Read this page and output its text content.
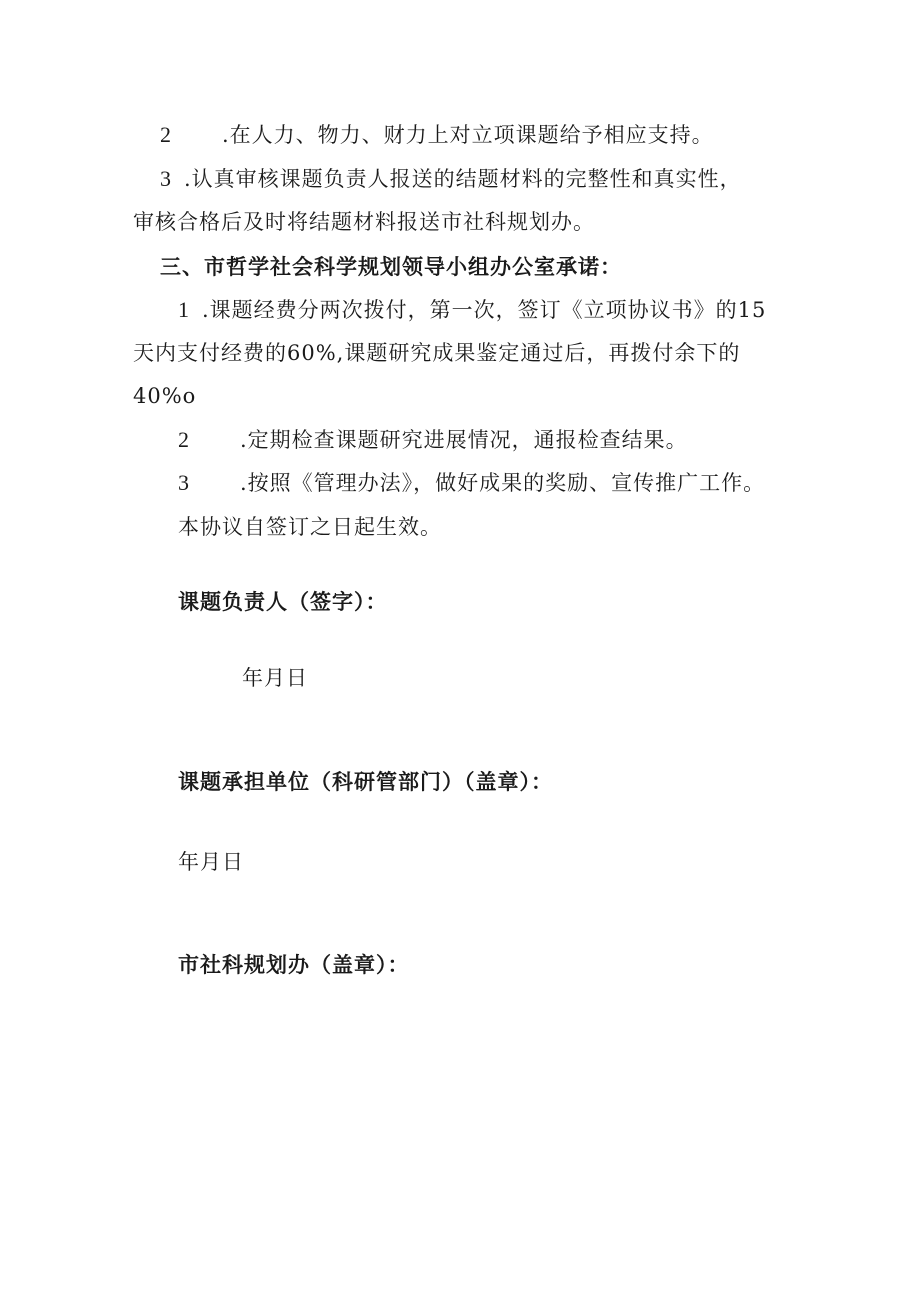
2 .在人力、物力、财力上对立项课题给予相应支持。
3 .认真审核课题负责人报送的结题材料的完整性和真实性，
审核合格后及时将结题材料报送市社科规划办。
三、市哲学社会科学规划领导小组办公室承诺：
1 .课题经费分两次拨付，第一次，签订《立项协议书》的15
天内支付经费的60%,课题研究成果鉴定通过后，再拨付余下的
40%o
2 .定期检查课题研究进展情况，通报检查结果。
3 .按照《管理办法》，做好成果的奖励、宣传推广工作。
本协议自签订之日起生效。
课题负责人（签字）：
年月日
课题承担单位（科研管部门）（盖章）：
年月日
市社科规划办（盖章）：
